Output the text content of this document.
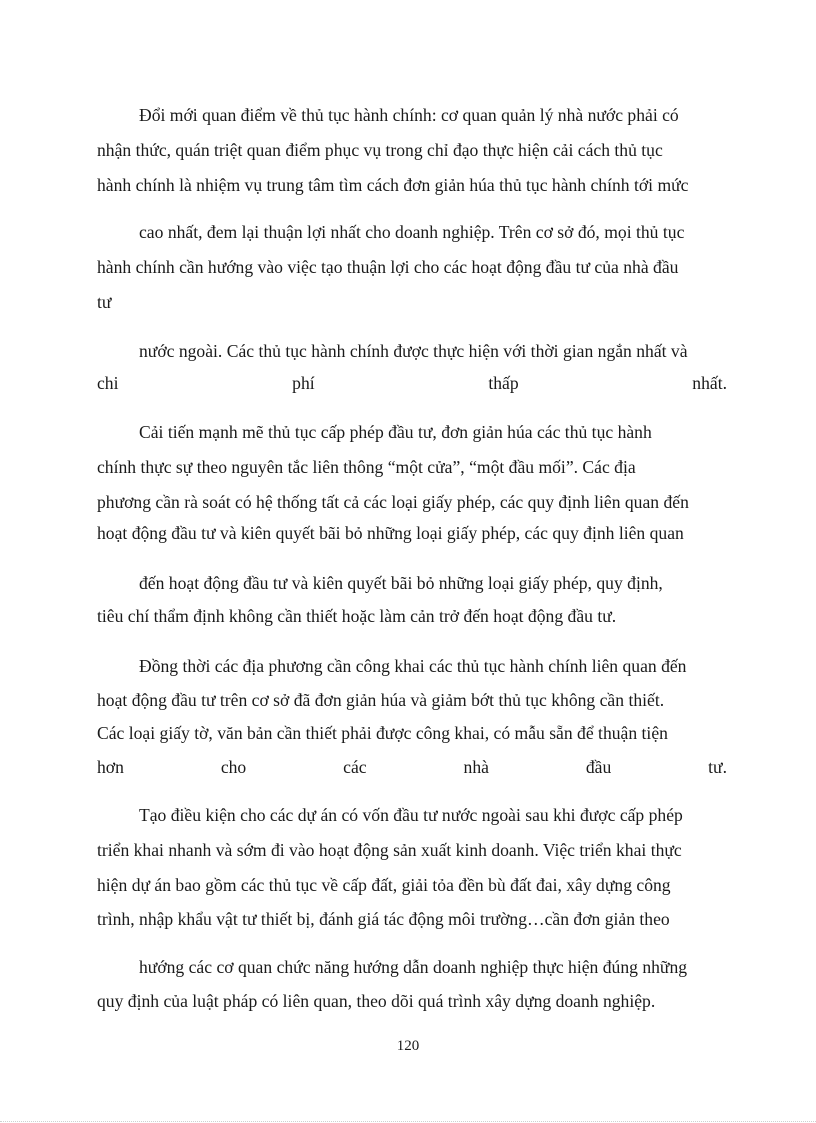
Đổi mới quan điểm về thủ tục hành chính: cơ quan quản lý nhà nước phải có
nhận thức, quán triệt quan điểm phục vụ trong chỉ đạo thực hiện cải cách thủ tục
hành chính là nhiệm vụ trung tâm tìm cách đơn giản húa thủ tục hành chính tới mức
cao nhất, đem lại thuận lợi nhất cho doanh nghiệp. Trên cơ sở đó, mọi thủ tục
hành chính cần hướng vào việc tạo thuận lợi cho các hoạt động đầu tư của nhà đầu
tư
nước ngoài. Các thủ tục hành chính được thực hiện với thời gian ngắn nhất và
chi	phí	thấp	nhất.
Cải tiến mạnh mẽ thủ tục cấp phép đầu tư, đơn giản húa các thủ tục hành
chính thực sự theo nguyên tắc liên thông “một cửa”, “một đầu mối”. Các địa
phương cần rà soát có hệ thống tất cả các loại giấy phép, các quy định liên quan đến
hoạt động đầu tư và kiên quyết bãi bỏ những loại giấy phép, các quy định liên quan
đến hoạt động đầu tư và kiên quyết bãi bỏ những loại giấy phép, quy định,
tiêu chí thẩm định không cần thiết hoặc làm cản trở đến hoạt động đầu tư.
Đồng thời các địa phương cần công khai các thủ tục hành chính liên quan đến
hoạt động đầu tư trên cơ sở đã đơn giản húa và giảm bớt thủ tục không cần thiết.
Các loại giấy tờ, văn bản cần thiết phải được công khai, có mẫu sẵn để thuận tiện
hơn	cho	các	nhà	đầu	tư.
Tạo điều kiện cho các dự án có vốn đầu tư nước ngoài sau khi được cấp phép
triển khai nhanh và sớm đi vào hoạt động sản xuất kinh doanh. Việc triển khai thực
hiện dự án bao gồm các thủ tục về cấp đất, giải tỏa đền bù đất đai, xây dựng công
trình, nhập khẩu vật tư thiết bị, đánh giá tác động môi trường…cần đơn giản theo
hướng các cơ quan chức năng hướng dẫn doanh nghiệp thực hiện đúng những
quy định của luật pháp có liên quan, theo dõi quá trình xây dựng doanh nghiệp.
120
